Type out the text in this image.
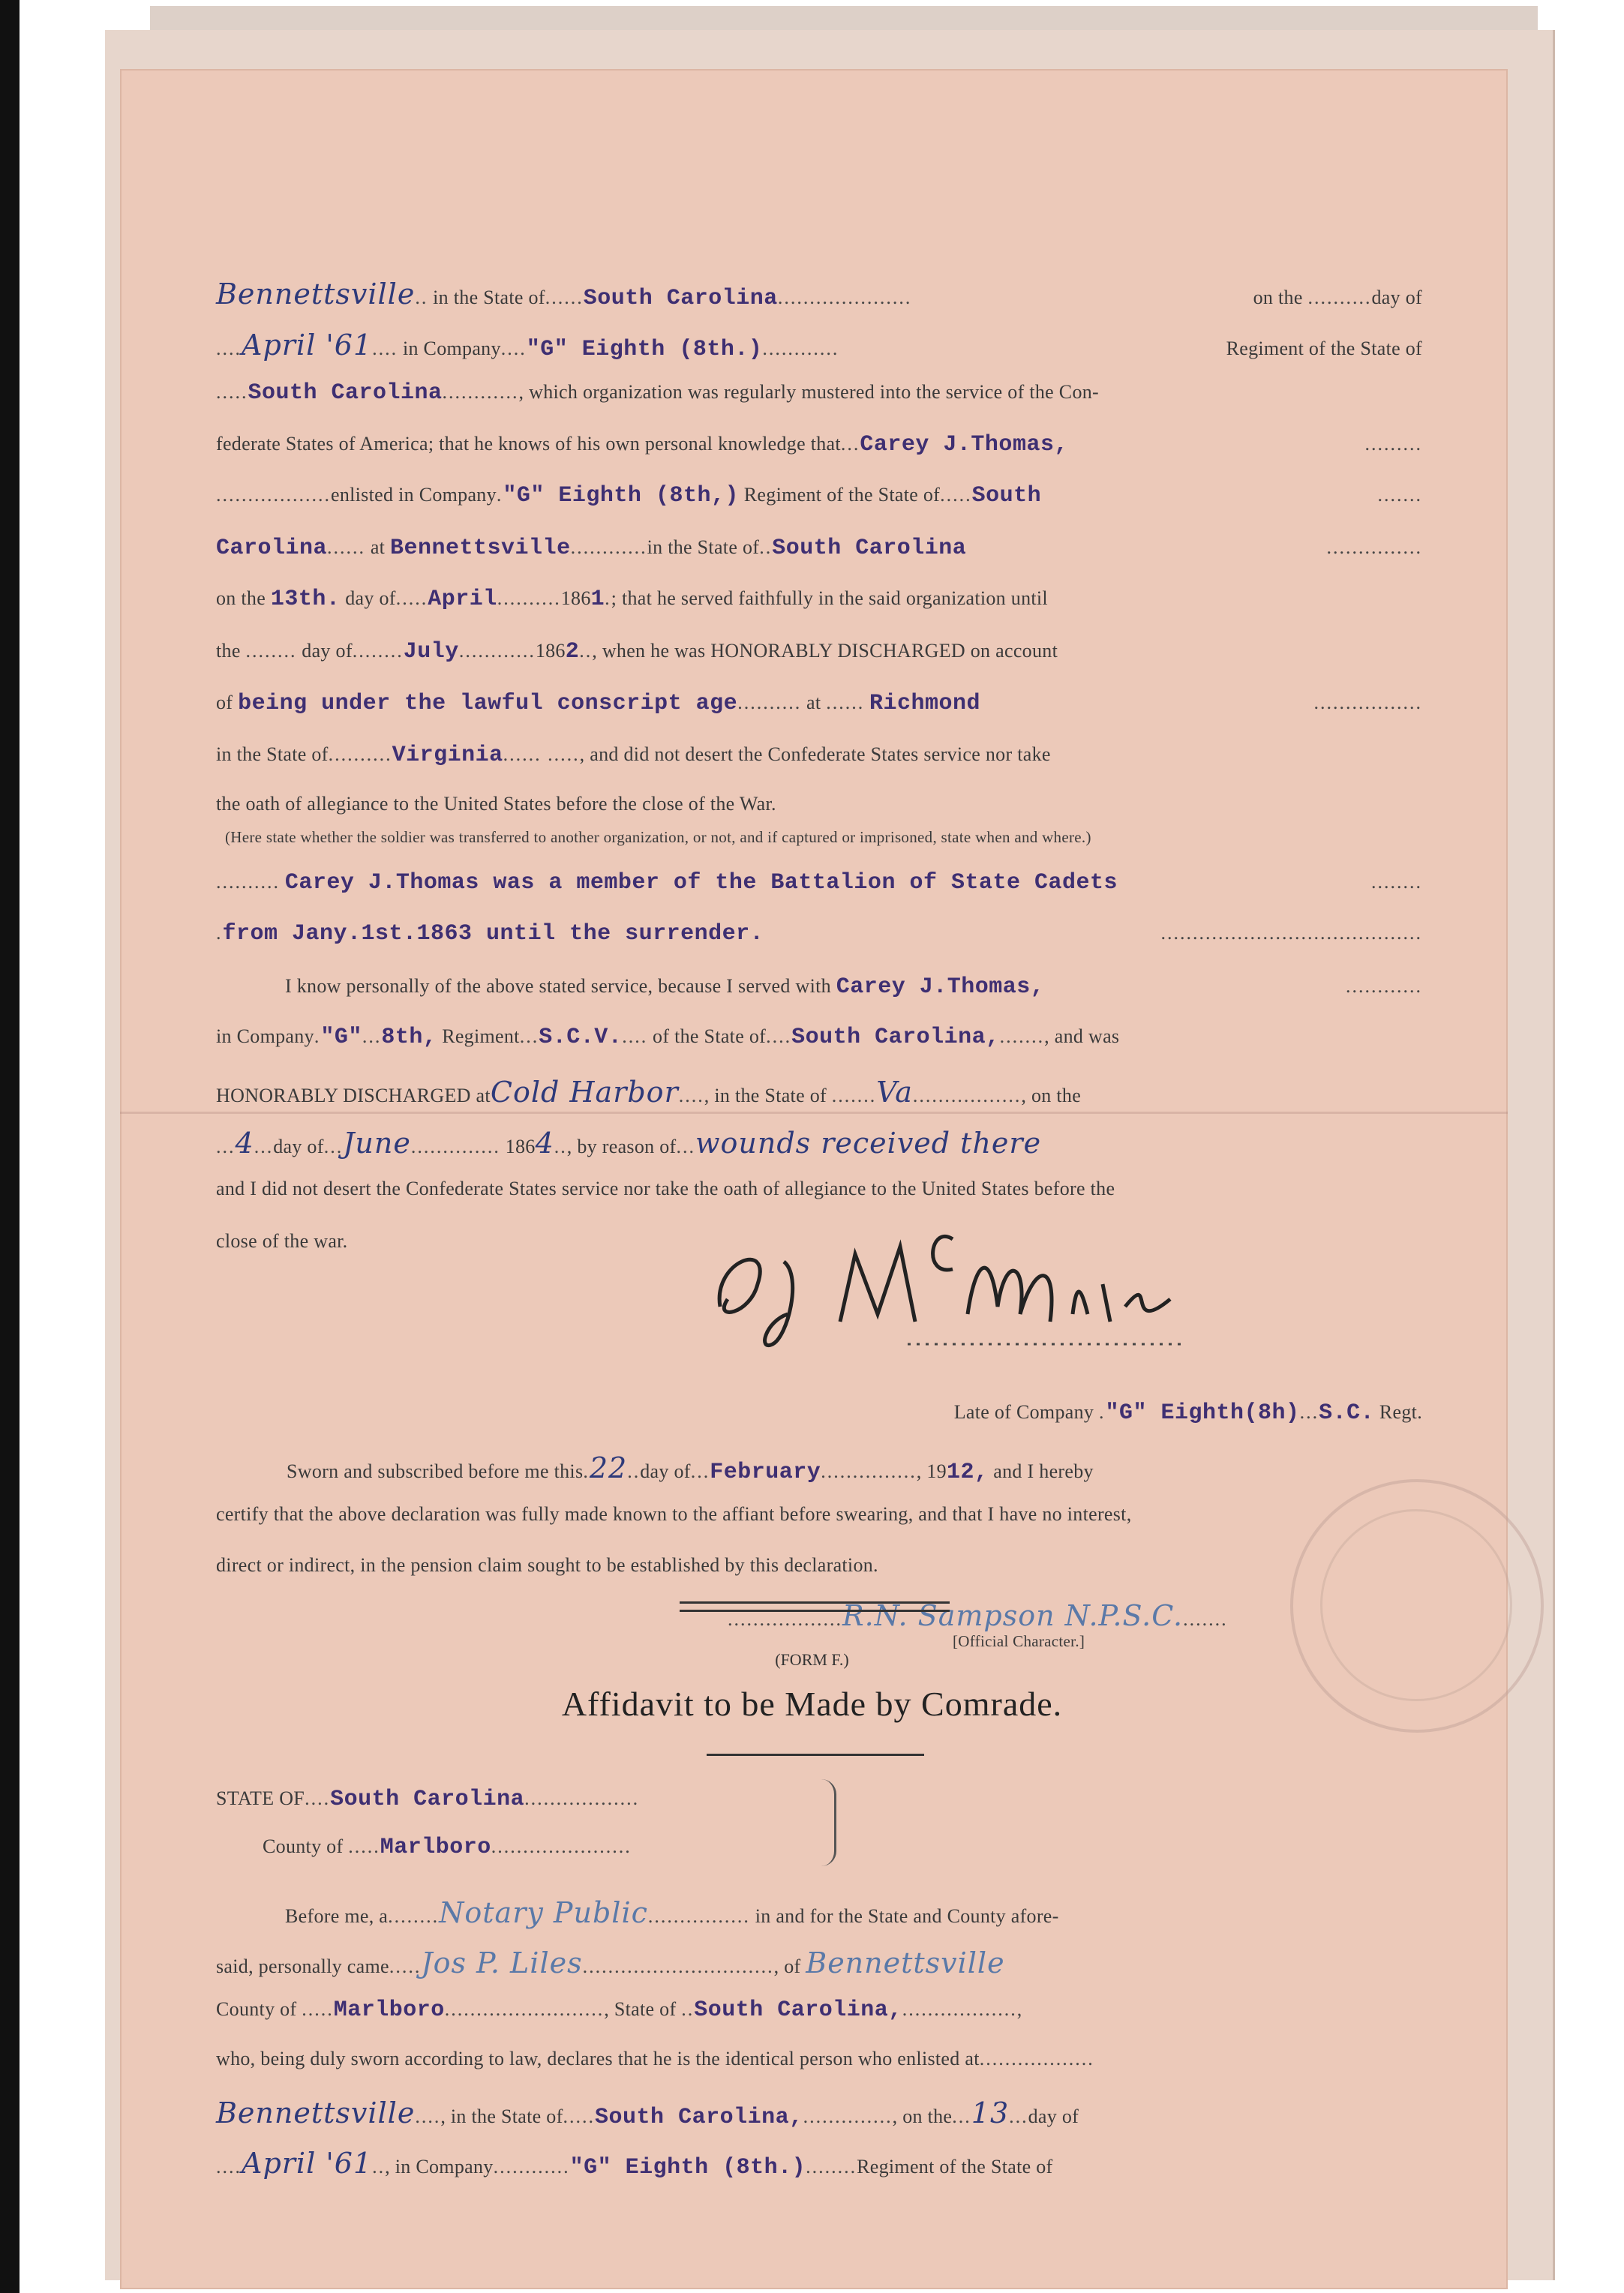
Bennettsville.. in the State of......South Carolina.....................	on the ..........day of
....April '61.... in Company...."G" Eighth (8th.)............	Regiment of the State of
.....South Carolina............, which organization was regularly mustered into the service of the Con-
federate States of America; that he knows of his own personal knowledge that...Carey J.Thomas,	.........
..................enlisted in Company."G" Eighth (8th,) Regiment of the State of.....South	.......
Carolina...... at Bennettsville............in the State of..South Carolina	...............
on the 13th. day of.....April..........1861.; that he served faithfully in the said organization until
the ........ day of........July............1862.., when he was HONORABLY DISCHARGED on account
of being under the lawful conscript age.......... at ...... Richmond	.................
in the State of..........Virginia...... ....., and did not desert the Confederate States service nor take
the oath of allegiance to the United States before the close of the War.
(Here state whether the soldier was transferred to another organization, or not, and if captured or imprisoned, state when and where.)
.......... Carey J.Thomas was a member of the Battalion of State Cadets	........
.from Jany.1st.1863 until the surrender.	.........................................
I know personally of the above stated service, because I served with Carey J.Thomas,	............
in Company."G"...8th, Regiment...S.C.V..... of the State of....South Carolina,......., and was
HONORABLY DISCHARGED atCold Harbor...., in the State of .......Va................., on the
...4...day of...June.............. 1864.., by reason of...wounds received there
and I did not desert the Confederate States service nor take the oath of allegiance to the United States before the
close of the war.
Late of Company ."G" Eighth(8h)...S.C. Regt.
Sworn and subscribed before me this.22..day of...February..............., 1912, and I hereby
certify that the above declaration was fully made known to the affiant before swearing, and that I have no interest,
direct or indirect, in the pension claim sought to be established by this declaration.
..................R.N. Sampson N.P.S.C........
[Official Character.]
(FORM F.)
Affidavit to be Made by Comrade.
STATE OF....South Carolina..................
County of .....Marlboro......................
Before me, a........Notary Public................ in and for the State and County afore-
said, personally came.....Jos P. Liles.............................., of Bennettsville
County of .....Marlboro........................., State of ..South Carolina,..................,
who, being duly sworn according to law, declares that he is the identical person who enlisted at..................
Bennettsville...., in the State of.....South Carolina,.............., on the...13...day of
....April '61.., in Company............"G" Eighth (8th.)........Regiment of the State of
